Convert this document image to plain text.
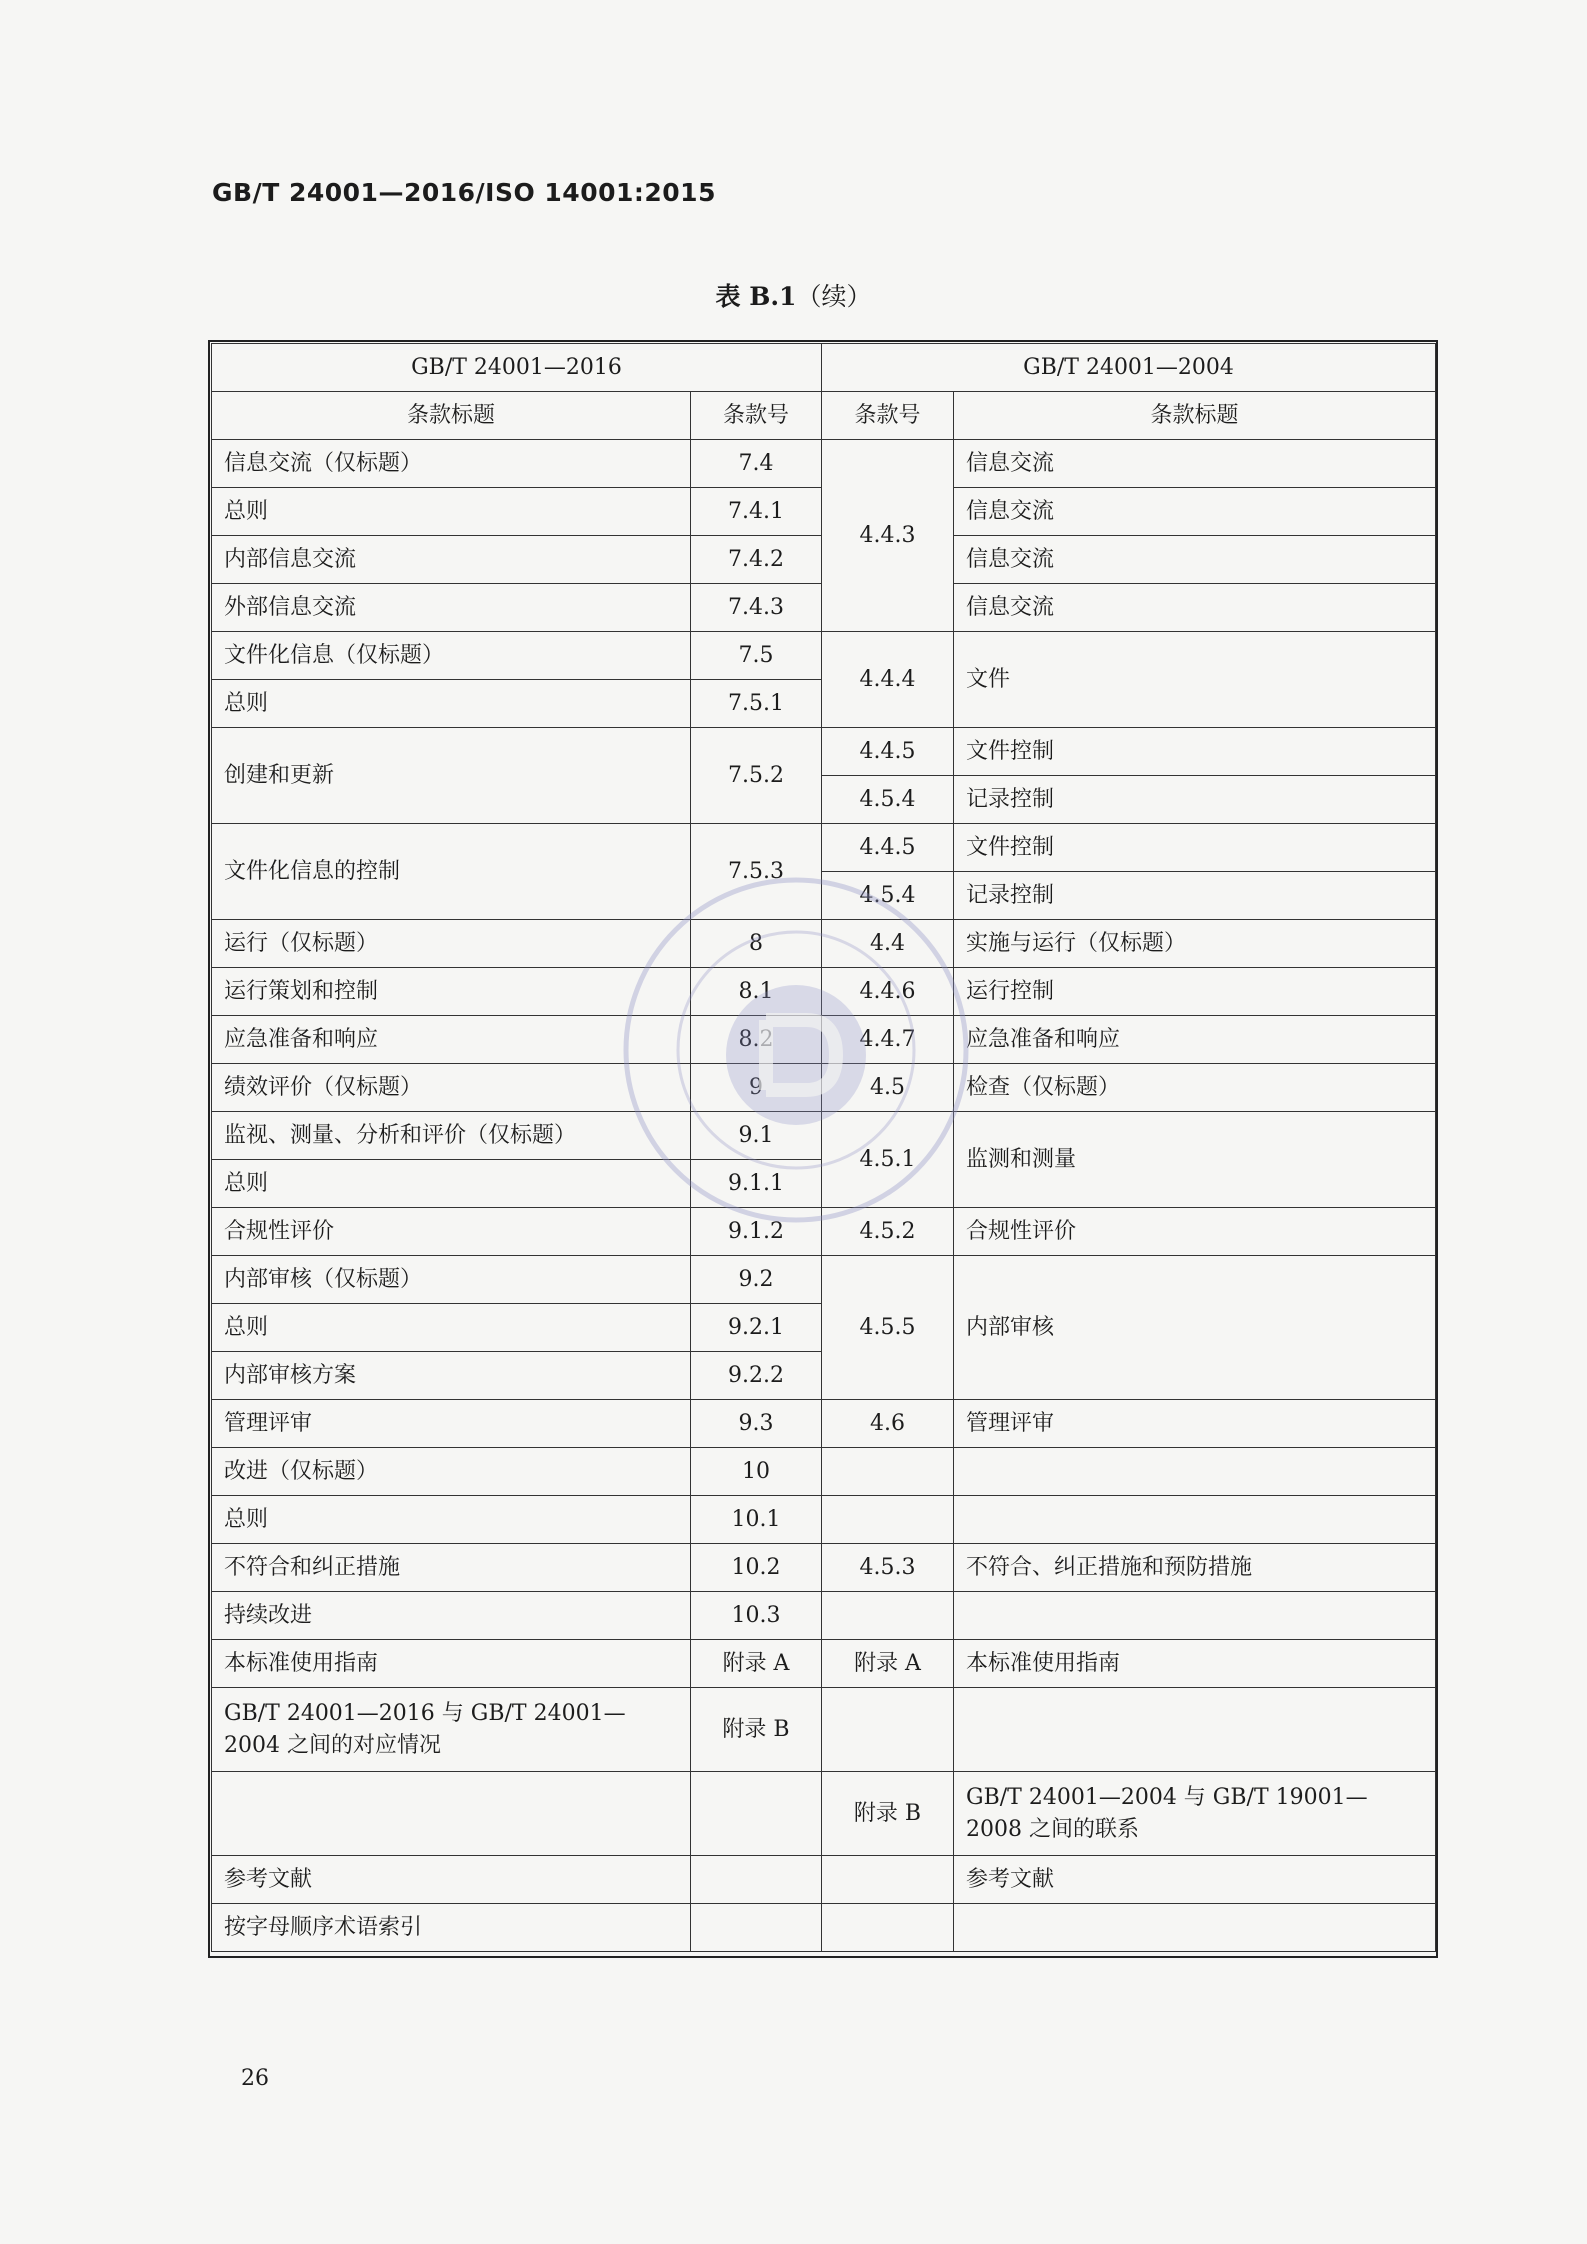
GB/T 24001—2016/ISO 14001:2015
表 B.1（续）
GB/T 24001—2016		GB/T 24001—2004	
条款标题	条款号	条款号	条款标题
信息交流（仅标题）	7.4	4.4.3	信息交流
总则	7.4.1		信息交流
内部信息交流	7.4.2		信息交流
外部信息交流	7.4.3		信息交流
文件化信息（仅标题）	7.5	4.4.4	文件
总则	7.5.1		
创建和更新	7.5.2	4.4.5	文件控制
		4.5.4	记录控制
文件化信息的控制	7.5.3	4.4.5	文件控制
		4.5.4	记录控制
运行（仅标题）	8	4.4	实施与运行（仅标题）
运行策划和控制	8.1	4.4.6	运行控制
应急准备和响应	8.2	4.4.7	应急准备和响应
绩效评价（仅标题）	9	4.5	检查（仅标题）
监视、测量、分析和评价（仅标题）	9.1	4.5.1	监测和测量
总则	9.1.1		
合规性评价	9.1.2	4.5.2	合规性评价
内部审核（仅标题）	9.2	4.5.5	内部审核
总则	9.2.1		
内部审核方案	9.2.2		
管理评审	9.3	4.6	管理评审
改进（仅标题）	10		
总则	10.1		
不符合和纠正措施	10.2	4.5.3	不符合、纠正措施和预防措施
持续改进	10.3		
本标准使用指南	附录 A	附录 A	本标准使用指南
GB/T 24001—2016 与 GB/T 24001—2004 之间的对应情况	附录 B		
		附录 B	GB/T 24001—2004 与 GB/T 19001—2008 之间的联系
参考文献			参考文献
按字母顺序术语索引			
26
